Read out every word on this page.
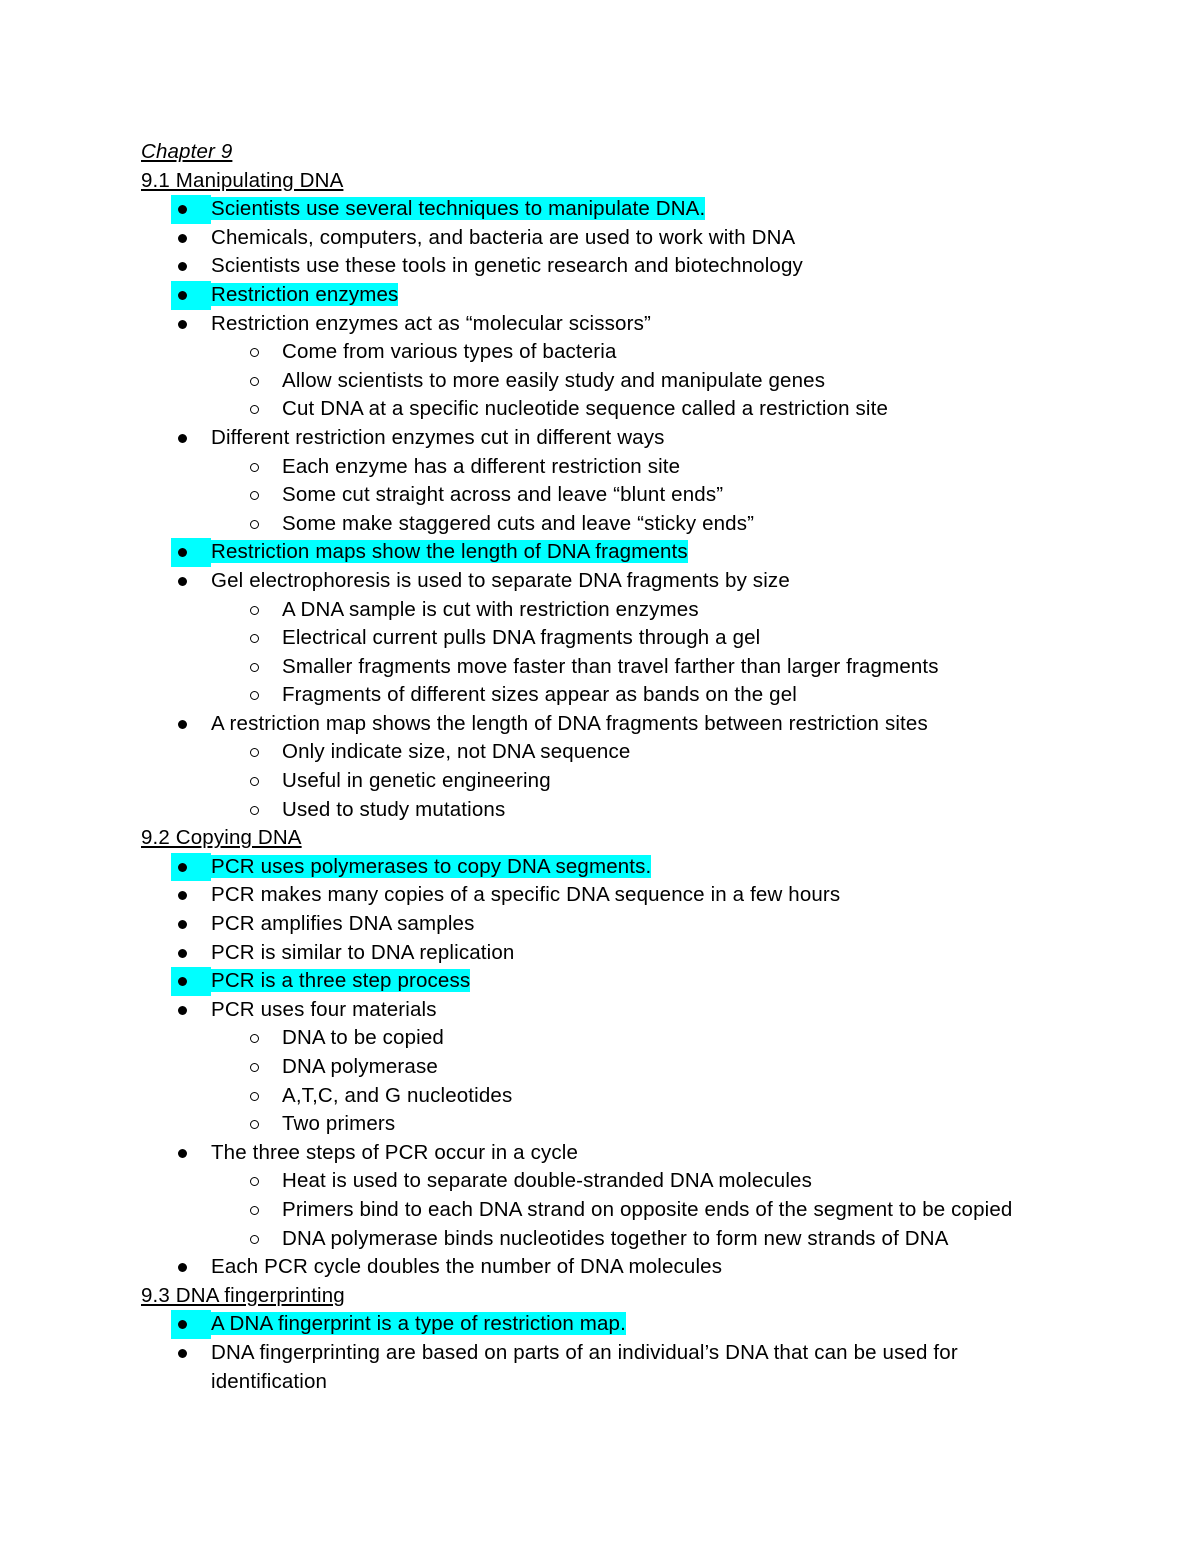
Chapter 9
9.1 Manipulating DNA
Scientists use several techniques to manipulate DNA.
Chemicals, computers, and bacteria are used to work with DNA
Scientists use these tools in genetic research and biotechnology
Restriction enzymes
Restriction enzymes act as “molecular scissors”
Come from various types of bacteria
Allow scientists to more easily study and manipulate genes
Cut DNA at a specific nucleotide sequence called a restriction site
Different restriction enzymes cut in different ways
Each enzyme has a different restriction site
Some cut straight across and leave “blunt ends”
Some make staggered cuts and leave “sticky ends”
Restriction maps show the length of DNA fragments
Gel electrophoresis is used to separate DNA fragments by size
A DNA sample is cut with restriction enzymes
Electrical current pulls DNA fragments through a gel
Smaller fragments move faster than travel farther than larger fragments
Fragments of different sizes appear as bands on the gel
A restriction map shows the length of DNA fragments between restriction sites
Only indicate size, not DNA sequence
Useful in genetic engineering
Used to study mutations
9.2 Copying DNA
PCR uses polymerases to copy DNA segments.
PCR makes many copies of a specific DNA sequence in a few hours
PCR amplifies DNA samples
PCR is similar to DNA replication
PCR is a three step process
PCR uses four materials
DNA to be copied
DNA polymerase
A,T,C, and G nucleotides
Two primers
The three steps of PCR occur in a cycle
Heat is used to separate double-stranded DNA molecules
Primers bind to each DNA strand on opposite ends of the segment to be copied
DNA polymerase binds nucleotides together to form new strands of DNA
Each PCR cycle doubles the number of DNA molecules
9.3 DNA fingerprinting
A DNA fingerprint is a type of restriction map.
DNA fingerprinting are based on parts of an individual’s DNA that can be used for identification
